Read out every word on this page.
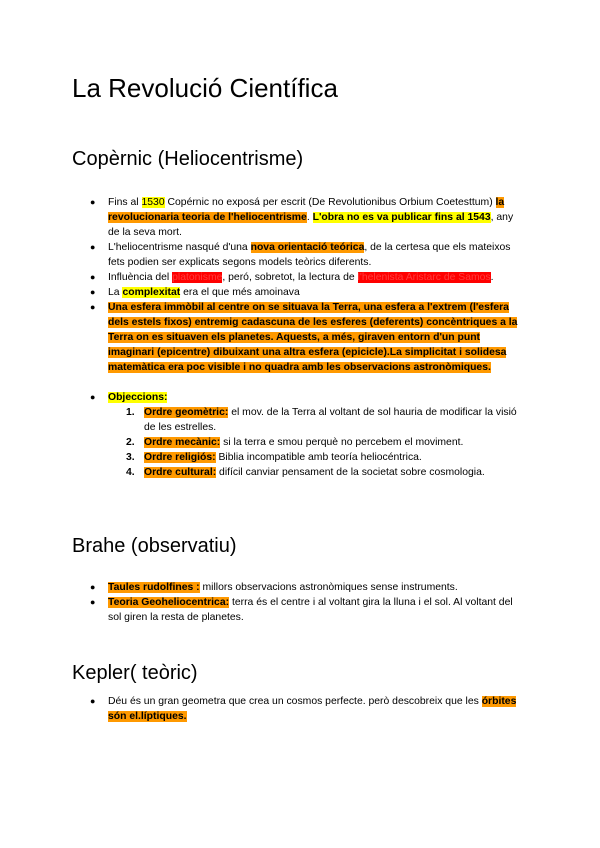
La Revolució Científica
Copèrnic (Heliocentrisme)
● Fins al 1530 Copérnic no exposá per escrit (De Revolutionibus Orbium Coetesttum) la revolucionaria teoria de l'heliocentrisme. L'obra no es va publicar fins al 1543, any de la seva mort.
● L'heliocentrisme nasqué d'una nova orientació teórica, de la certesa que els mateixos fets podien ser explicats segons models teòrics diferents.
● Influència del platonisme, peró, sobretot, la lectura de l'helenista Aristarc de Samos.
● La complexitat era el que més amoinava
● Una esfera immòbil al centre on se situava la Terra, una esfera a l'extrem (l'esfera dels estels fixos) entremig cadascuna de les esferes (deferents) concèntriques a la Terra on es situaven els planetes. Aquests, a més, giraven entorn d'un punt imaginari (epicentre) dibuixant una altra esfera (epicicle).La simplicitat i solidesa matemàtica era poc visible i no quadra amb les observacions astronòmiques.
● Objeccions:
1. Ordre geomètric: el mov. de la Terra al voltant de sol hauria de modificar la visió de les estrelles.
2. Ordre mecànic: si la terra e smou perquè no percebem el moviment.
3. Ordre religiós: Biblia incompatible amb teoría heliocéntrica.
4. Ordre cultural: difícil canviar pensament de la societat sobre cosmologia.
Brahe (observatiu)
● Taules rudolfines : millors observacions astronòmiques sense instruments.
● Teoria Geoheliocentrica: terra és el centre i al voltant gira la lluna i el sol. Al voltant del sol giren la resta de planetes.
Kepler( teòric)
● Déu és un gran geometra que crea un cosmos perfecte. però descobreix que les órbites són el.líptiques.
